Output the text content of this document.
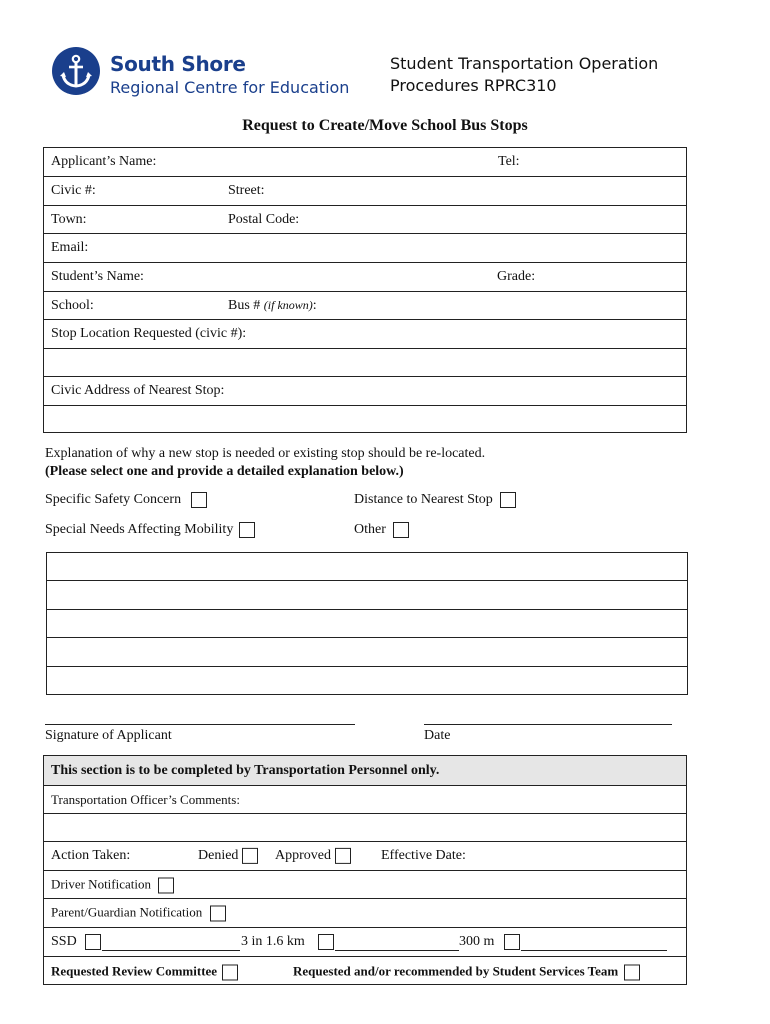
South Shore
Regional Centre for Education
Student Transportation Operation
Procedures RPRC310
Request to Create/Move School Bus Stops
Applicant’s Name:	Tel:
Civic #:	Street:
Town:	Postal Code:
Email:
Student’s Name:	Grade:
School:	Bus # (if known):
Stop Location Requested (civic #):
Civic Address of Nearest Stop:
Explanation of why a new stop is needed or existing stop should be re-located.
(Please select one and provide a detailed explanation below.)
Specific Safety Concern	Distance to Nearest Stop
Special Needs Affecting Mobility	Other
Signature of Applicant	Date
This section is to be completed by Transportation Personnel only.
Transportation Officer’s Comments:
Action Taken:	Denied	Approved	Effective Date:
Driver Notification
Parent/Guardian Notification
SSD	3 in 1.6 km	300 m
Requested Review Committee	Requested and/or recommended by Student Services Team
